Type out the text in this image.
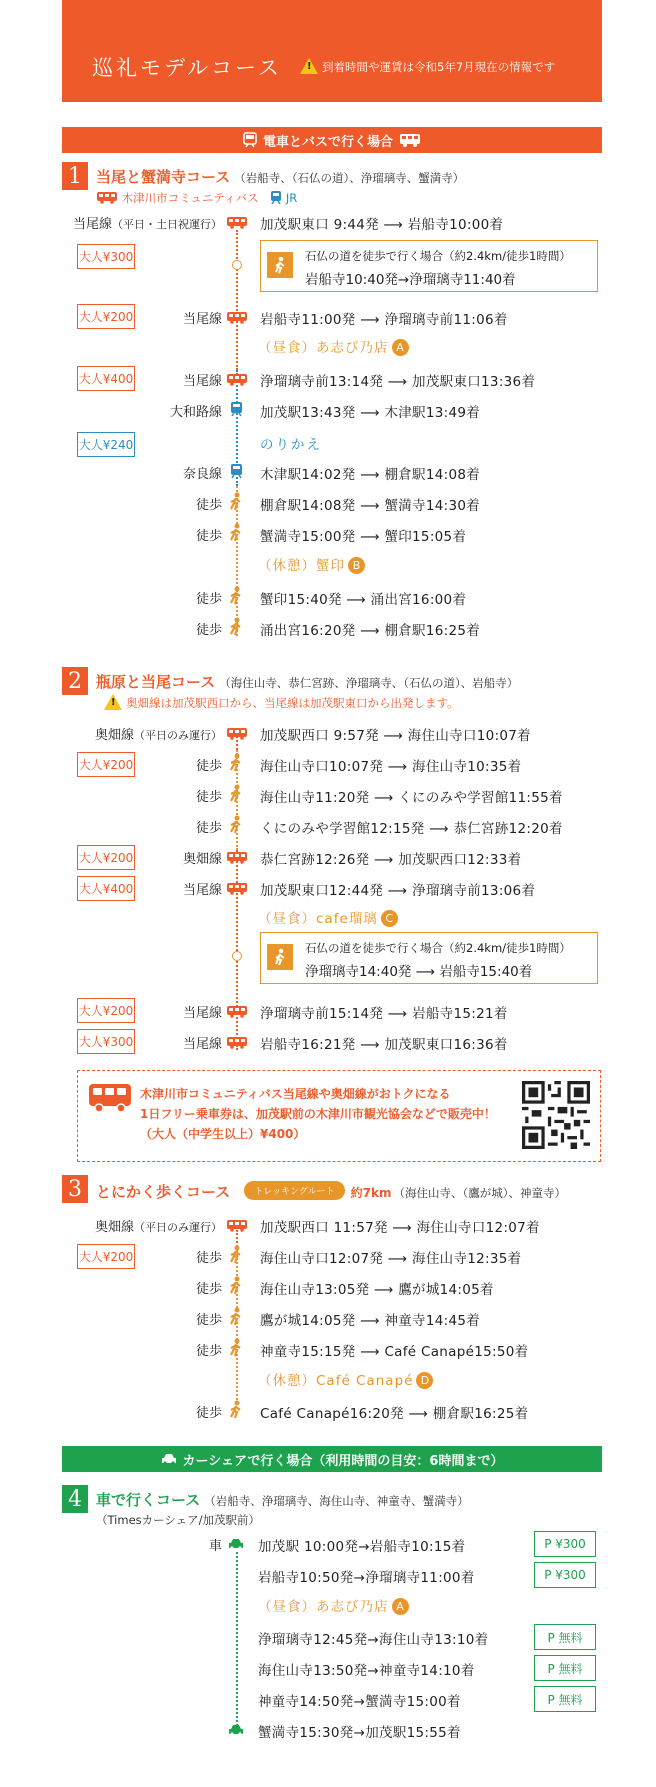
巡礼モデルコース
!	到着時間や運賃は令和5年7月現在の情報です
電車とバスで行く場合
1 当尾と蟹満寺コース （岩船寺、（石仏の道）、浄瑠璃寺、蟹満寺）
木津川市コミュニティバス JR
当尾線（平日・土日祝運行）	加茂駅東口 9:44発 ⟶ 岩船寺10:00着
大人¥300	石仏の道を徒歩で行く場合（約2.4km/徒歩1時間）
岩船寺10:40発→浄瑠璃寺11:40着
大人¥200	当尾線	岩船寺11:00発 ⟶ 浄瑠璃寺前11:06着
（昼食）あ志び乃店 A
大人¥400	当尾線	浄瑠璃寺前13:14発 ⟶ 加茂駅東口13:36着
大和路線	加茂駅13:43発 ⟶ 木津駅13:49着
大人¥240	のりかえ
奈良線	木津駅14:02発 ⟶ 棚倉駅14:08着
徒歩	棚倉駅14:08発 ⟶ 蟹満寺14:30着
徒歩	蟹満寺15:00発 ⟶ 蟹印15:05着
（休憩）蟹印 B
徒歩	蟹印15:40発 ⟶ 涌出宮16:00着
徒歩	涌出宮16:20発 ⟶ 棚倉駅16:25着
2 瓶原と当尾コース （海住山寺、恭仁宮跡、浄瑠璃寺、（石仏の道）、岩船寺）
!奥畑線は加茂駅西口から、当尾線は加茂駅東口から出発します。
奥畑線（平日のみ運行）	加茂駅西口 9:57発 ⟶ 海住山寺口10:07着
大人¥200	徒歩	海住山寺口10:07発 ⟶ 海住山寺10:35着
徒歩	海住山寺11:20発 ⟶ くにのみや学習館11:55着
徒歩	くにのみや学習館12:15発 ⟶ 恭仁宮跡12:20着
大人¥200	奥畑線	恭仁宮跡12:26発 ⟶ 加茂駅西口12:33着
大人¥400	当尾線	加茂駅東口12:44発 ⟶ 浄瑠璃寺前13:06着
（昼食）cafe瑠璃 C
石仏の道を徒歩で行く場合（約2.4km/徒歩1時間）
浄瑠璃寺14:40発 ⟶ 岩船寺15:40着
大人¥200	当尾線	浄瑠璃寺前15:14発 ⟶ 岩船寺15:21着
大人¥300	当尾線	岩船寺16:21発 ⟶ 加茂駅東口16:36着
木津川市コミュニティバス当尾線や奥畑線がおトクになる
1日フリー乗車券は、加茂駅前の木津川市観光協会などで販売中！
（大人（中学生以上）¥400）
3 とにかく歩くコース	トレッキングルート 約7km （海住山寺、（鷹が城）、神童寺）
奥畑線（平日のみ運行）	加茂駅西口 11:57発 ⟶ 海住山寺口12:07着
大人¥200	徒歩	海住山寺口12:07発 ⟶ 海住山寺12:35着
徒歩	海住山寺13:05発 ⟶ 鷹が城14:05着
徒歩	鷹が城14:05発 ⟶ 神童寺14:45着
徒歩	神童寺15:15発 ⟶ Café Canapé15:50着
（休憩）Café Canapé D
徒歩	Café Canapé16:20発 ⟶ 棚倉駅16:25着
カーシェアで行く場合（利用時間の目安：6時間まで）
4 車で行くコース （岩船寺、浄瑠璃寺、海住山寺、神童寺、蟹満寺）
（Timesカーシェア/加茂駅前）
車	加茂駅 10:00発→岩船寺10:15着	P ¥300
岩船寺10:50発→浄瑠璃寺11:00着	P ¥300
（昼食）あ志び乃店 A
浄瑠璃寺12:45発→海住山寺13:10着	P 無料
海住山寺13:50発→神童寺14:10着	P 無料
神童寺14:50発→蟹満寺15:00着	P 無料
蟹満寺15:30発→加茂駅15:55着
